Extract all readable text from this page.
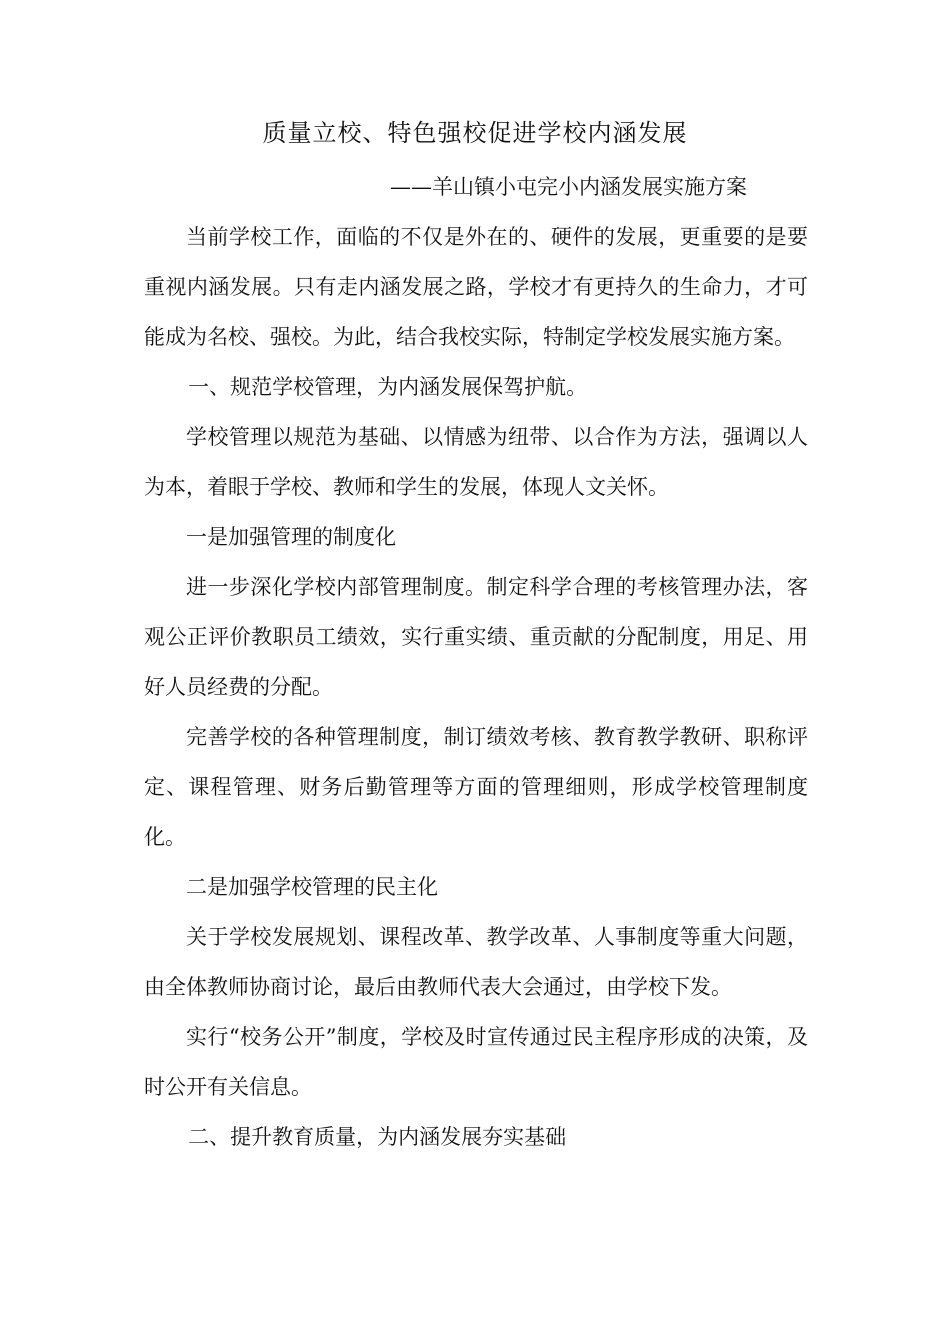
质量立校、特色强校促进学校内涵发展
——羊山镇小屯完小内涵发展实施方案

当前学校工作，面临的不仅是外在的、硬件的发展，更重要的是要重视内涵发展。只有走内涵发展之路，学校才有更持久的生命力，才可能成为名校、强校。为此，结合我校实际，特制定学校发展实施方案。

一、规范学校管理，为内涵发展保驾护航。

学校管理以规范为基础、以情感为纽带、以合作为方法，强调以人为本，着眼于学校、教师和学生的发展，体现人文关怀。

一是加强管理的制度化

进一步深化学校内部管理制度。制定科学合理的考核管理办法，客观公正评价教职员工绩效，实行重实绩、重贡献的分配制度，用足、用好人员经费的分配。

完善学校的各种管理制度，制订绩效考核、教育教学教研、职称评定、课程管理、财务后勤管理等方面的管理细则，形成学校管理制度化。

二是加强学校管理的民主化

关于学校发展规划、课程改革、教学改革、人事制度等重大问题，由全体教师协商讨论，最后由教师代表大会通过，由学校下发。

实行“校务公开”制度，学校及时宣传通过民主程序形成的决策，及时公开有关信息。

二、提升教育质量，为内涵发展夯实基础
